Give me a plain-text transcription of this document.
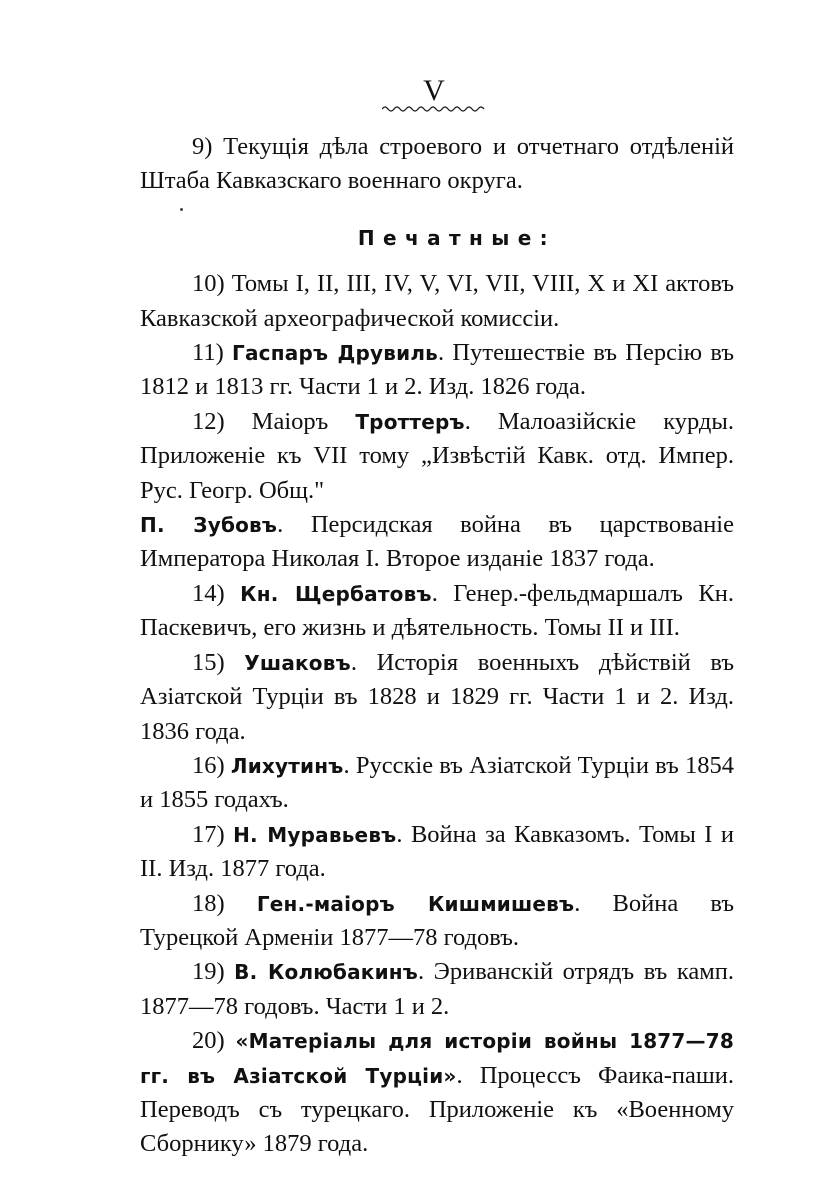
V

9) Текущія дѣла строевого и отчетнаго отдѣленій Штаба Кавказскаго военнаго округа.

Печатные:

10) Томы I, II, III, IV, V, VI, VII, VIII, X и XI актовъ Кавказской археографической комиссіи.

11) Гаспаръ Друвиль. Путешествіе въ Персію въ 1812 и 1813 гг. Части 1 и 2. Изд. 1826 года.

12) Маіоръ Троттеръ. Малоазійскіе курды. Приложеніе къ VII тому „Извѣстій Кавк. отд. Импер. Рус. Геогр. Общ."

П. Зубовъ. Персидская война въ царствованіе Императора Николая I. Второе изданіе 1837 года.

14) Кн. Щербатовъ. Генер.-фельдмаршалъ Кн. Паскевичъ, его жизнь и дѣятельность. Томы II и III.

15) Ушаковъ. Исторія военныхъ дѣйствій въ Азіатской Турціи въ 1828 и 1829 гг. Части 1 и 2. Изд. 1836 года.

16) Лихутинъ. Русскіе въ Азіатской Турціи въ 1854 и 1855 годахъ.

17) Н. Муравьевъ. Война за Кавказомъ. Томы I и II. Изд. 1877 года.

18) Ген.-маіоръ Кишмишевъ. Война въ Турецкой Арменіи 1877—78 годовъ.

19) В. Колюбакинъ. Эриванскій отрядъ въ камп. 1877—78 годовъ. Части 1 и 2.

20) «Матеріалы для исторіи войны 1877—78 гг. въ Азіатской Турціи». Процессъ Фаика-паши. Переводъ съ турецкаго. Приложеніе къ «Военному Сборнику» 1879 года.
